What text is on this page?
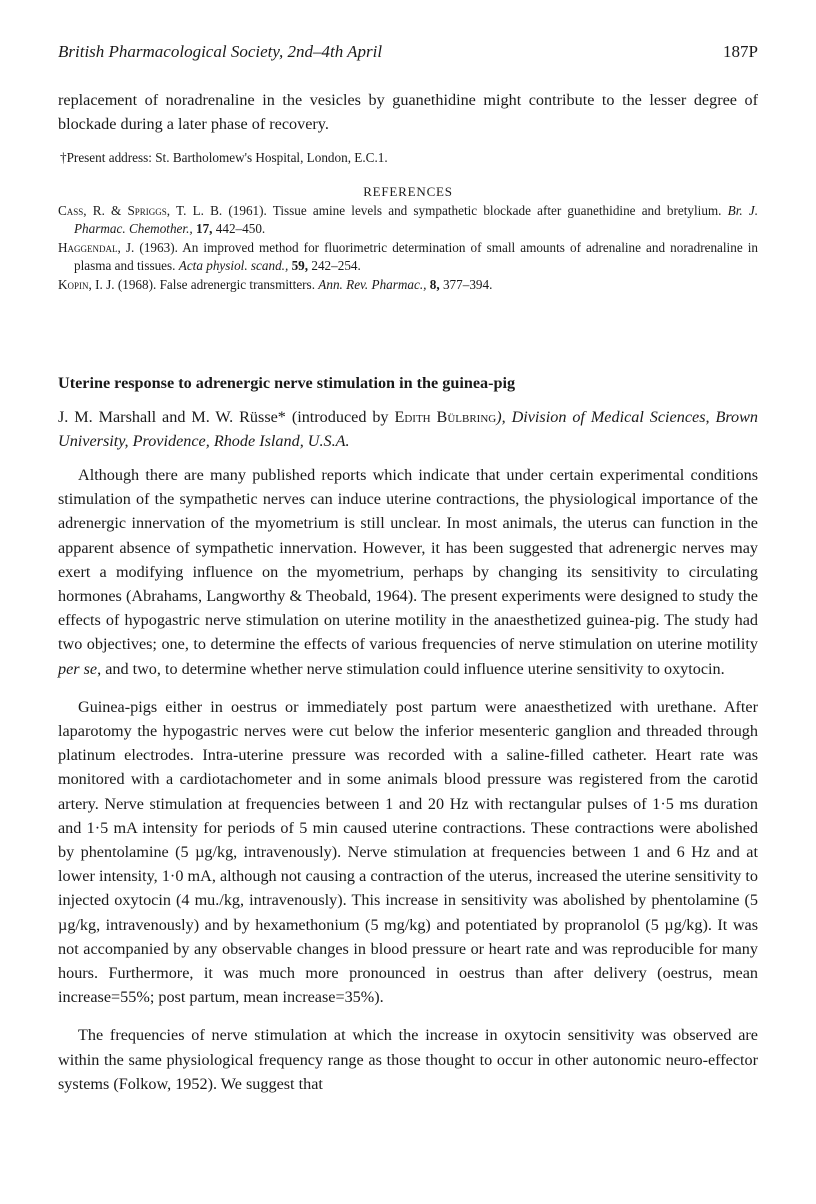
British Pharmacological Society, 2nd–4th April	187P

replacement of noradrenaline in the vesicles by guanethidine might contribute to the lesser degree of blockade during a later phase of recovery.

†Present address: St. Bartholomew's Hospital, London, E.C.1.
REFERENCES
Cass, R. & Spriggs, T. L. B. (1961). Tissue amine levels and sympathetic blockade after guanethidine and bretylium. Br. J. Pharmac. Chemother., 17, 442–450.
Haggendal, J. (1963). An improved method for fluorimetric determination of small amounts of adrenaline and noradrenaline in plasma and tissues. Acta physiol. scand., 59, 242–254.
Kopin, I. J. (1968). False adrenergic transmitters. Ann. Rev. Pharmac., 8, 377–394.
Uterine response to adrenergic nerve stimulation in the guinea-pig

J. M. Marshall and M. W. Rüsse* (introduced by Edith Bülbring), Division of Medical Sciences, Brown University, Providence, Rhode Island, U.S.A.

Although there are many published reports which indicate that under certain experimental conditions stimulation of the sympathetic nerves can induce uterine contractions, the physiological importance of the adrenergic innervation of the myometrium is still unclear. In most animals, the uterus can function in the apparent absence of sympathetic innervation. However, it has been suggested that adrenergic nerves may exert a modifying influence on the myometrium, perhaps by changing its sensitivity to circulating hormones (Abrahams, Langworthy & Theobald, 1964). The present experiments were designed to study the effects of hypogastric nerve stimulation on uterine motility in the anaesthetized guinea-pig. The study had two objectives; one, to determine the effects of various frequencies of nerve stimulation on uterine motility per se, and two, to determine whether nerve stimulation could influence uterine sensitivity to oxytocin.

Guinea-pigs either in oestrus or immediately post partum were anaesthetized with urethane. After laparotomy the hypogastric nerves were cut below the inferior mesenteric ganglion and threaded through platinum electrodes. Intra-uterine pressure was recorded with a saline-filled catheter. Heart rate was monitored with a cardiotachometer and in some animals blood pressure was registered from the carotid artery. Nerve stimulation at frequencies between 1 and 20 Hz with rectangular pulses of 1·5 ms duration and 1·5 mA intensity for periods of 5 min caused uterine contractions. These contractions were abolished by phentolamine (5 µg/kg, intravenously). Nerve stimulation at frequencies between 1 and 6 Hz and at lower intensity, 1·0 mA, although not causing a contraction of the uterus, increased the uterine sensitivity to injected oxytocin (4 mu./kg, intravenously). This increase in sensitivity was abolished by phentolamine (5 µg/kg, intravenously) and by hexamethonium (5 mg/kg) and potentiated by propranolol (5 µg/kg). It was not accompanied by any observable changes in blood pressure or heart rate and was reproducible for many hours. Furthermore, it was much more pronounced in oestrus than after delivery (oestrus, mean increase=55%; post partum, mean increase=35%).

The frequencies of nerve stimulation at which the increase in oxytocin sensitivity was observed are within the same physiological frequency range as those thought to occur in other autonomic neuro-effector systems (Folkow, 1952). We suggest that
